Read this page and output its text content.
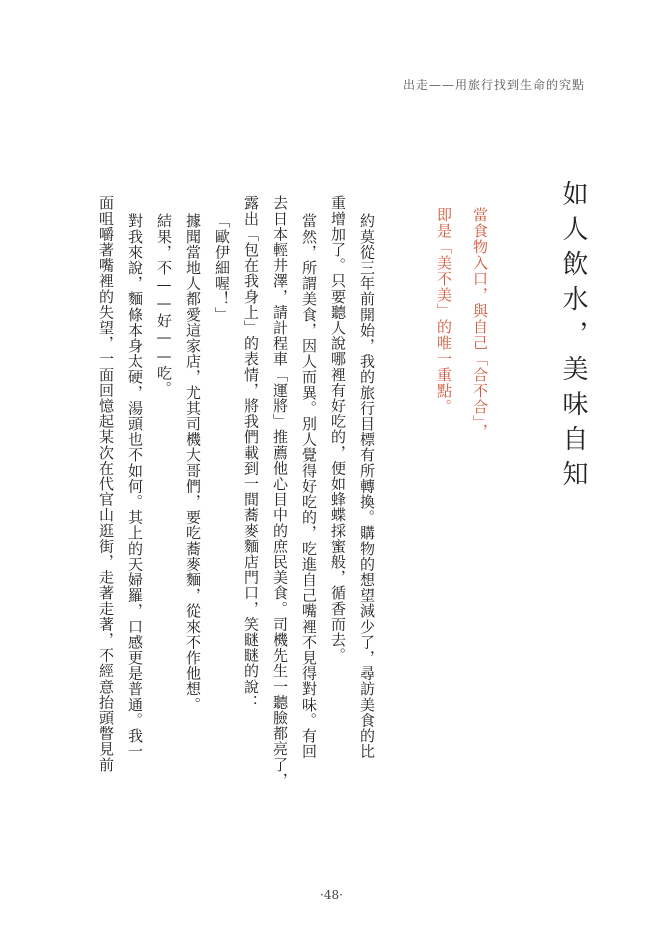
出走——用旅行找到生命的究點
如人飲水，美味自知
當食物入口，與自己「合不合」，
即是「美不美」的唯一重點。
約莫從三年前開始，我的旅行目標有所轉換。購物的想望減少了，尋訪美食的比
重增加了。只要聽人說哪裡有好吃的，便如蜂蝶採蜜般，循香而去。
當然，所謂美食，因人而異。別人覺得好吃的，吃進自己嘴裡不見得對味。有回
去日本輕井澤，請計程車「運將」推薦他心目中的庶民美食。司機先生一聽臉都亮了，
露出「包在我身上」的表情，將我們載到一間蕎麥麵店門口，笑瞇瞇的說：
「歐伊細喔！」
據聞當地人都愛這家店，尤其司機大哥們，要吃蕎麥麵，從來不作他想。
結果，不——好——吃。
對我來說，麵條本身太硬，湯頭也不如何。其上的天婦羅，口感更是普通。我一
面咀嚼著嘴裡的失望，一面回憶起某次在代官山逛街，走著走著，不經意抬頭瞥見前
·48·
